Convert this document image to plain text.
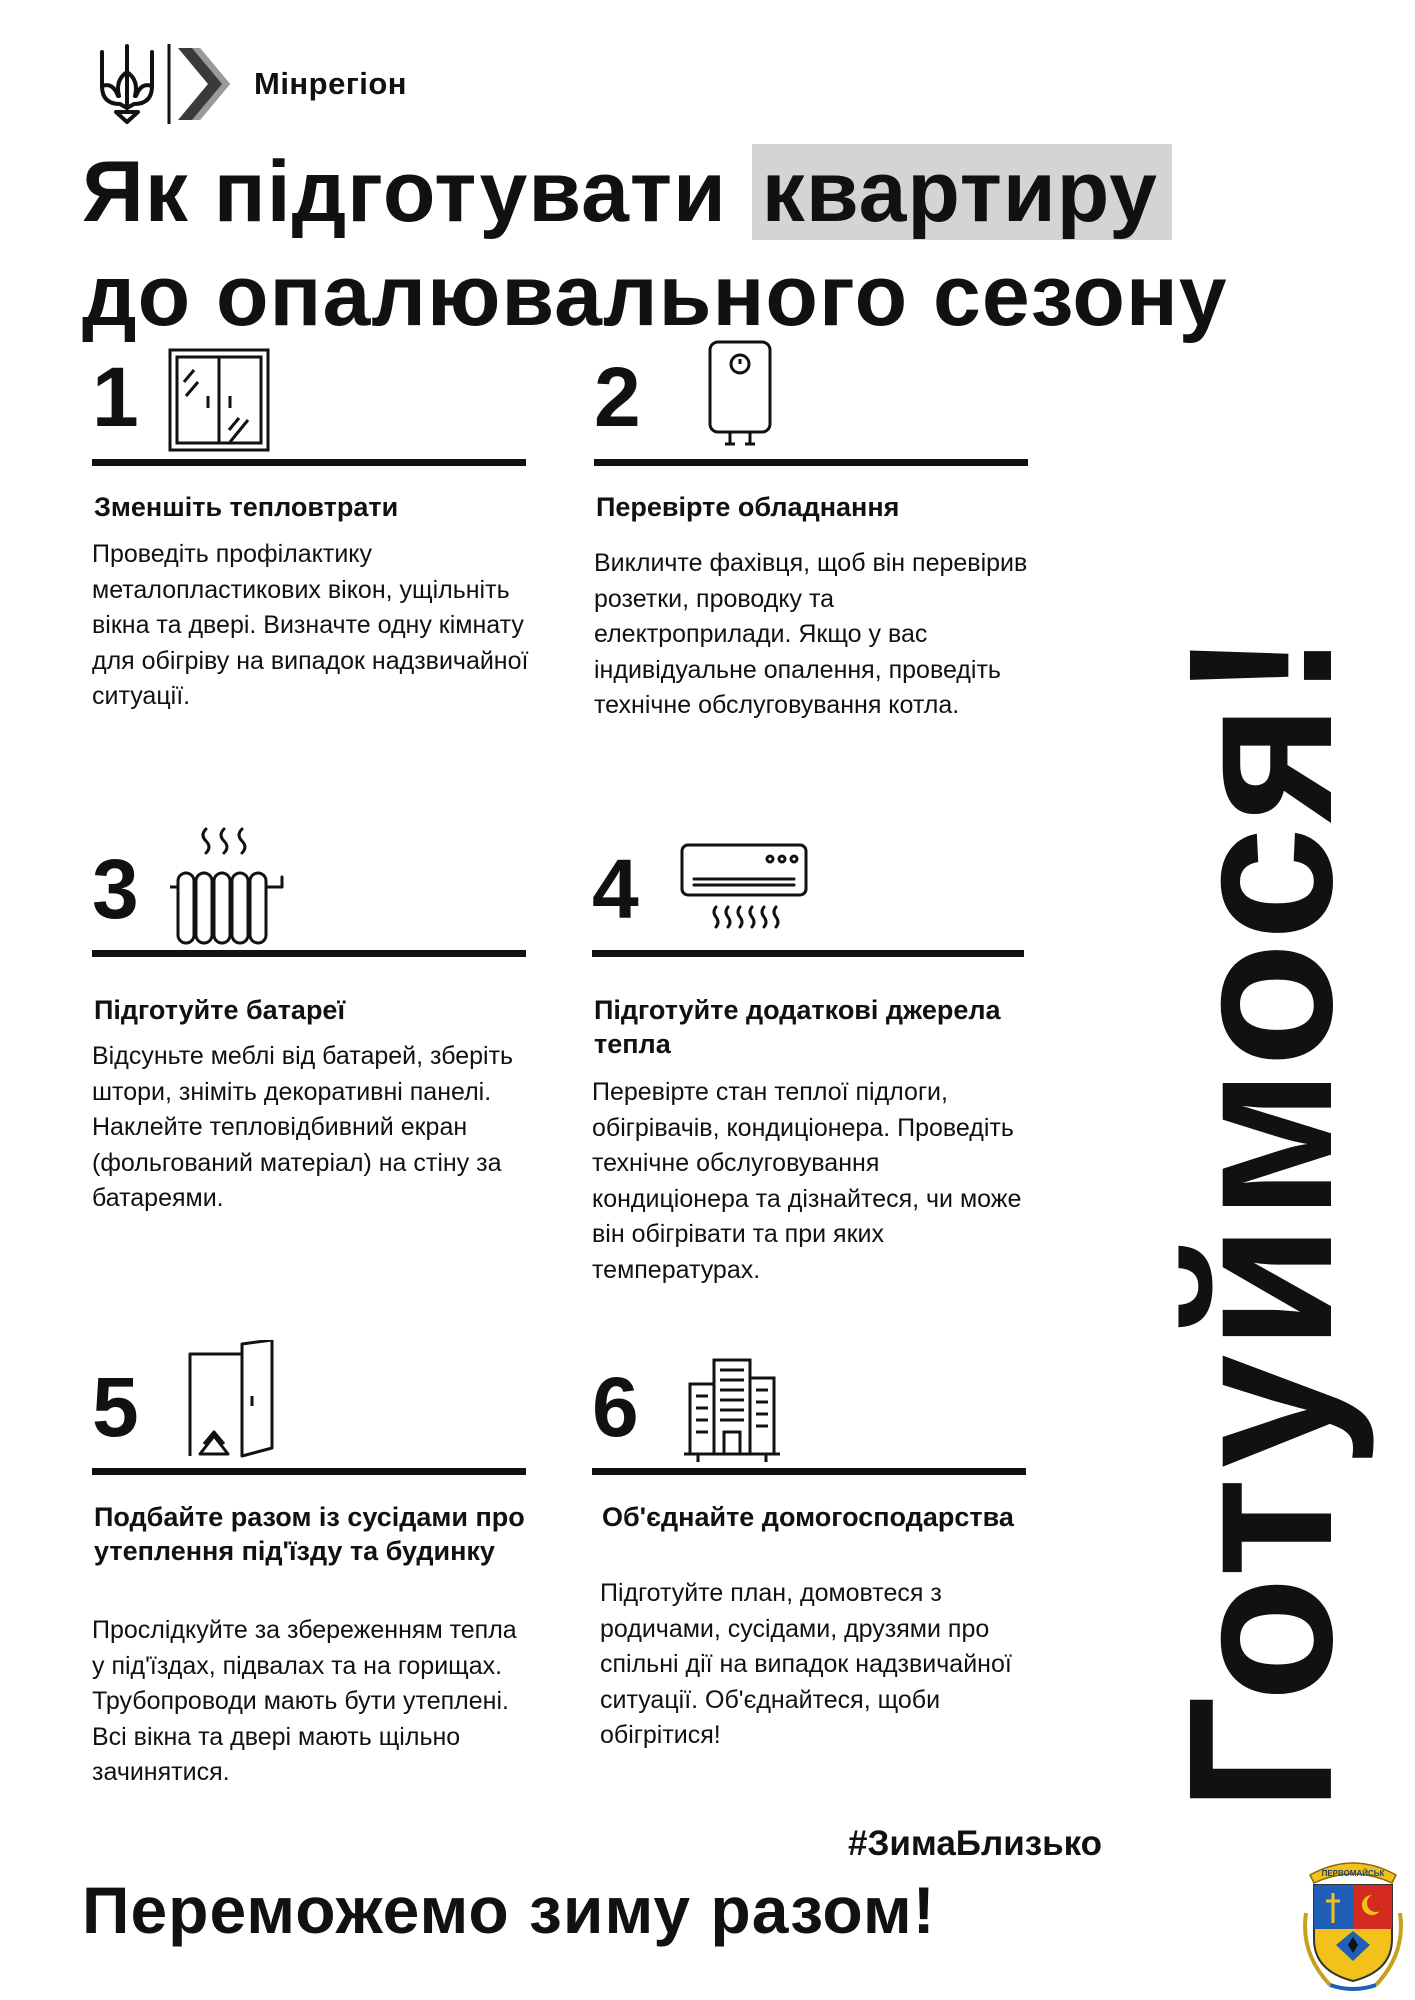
Мінрегіон
Як підготувати квартиру
до опалювального сезону
1
Зменшіть тепловтрати
Проведіть профілактику металопластикових вікон, ущільніть вікна та двері. Визначте одну кімнату для обігріву на випадок надзвичайної ситуації.
2
Перевірте обладнання
Викличте фахівця, щоб він перевірив розетки, проводку та електроприлади. Якщо у вас індивідуальне опалення, проведіть технічне обслуговування котла.
3
Підготуйте батареї
Відсуньте меблі від батарей, зберіть штори, зніміть декоративні панелі. Наклейте тепловідбивний екран (фольгований матеріал) на стіну за батареями.
4
Підготуйте додаткові джерела тепла
Перевірте стан теплої підлоги, обігрівачів, кондиціонера. Проведіть технічне обслуговування кондиціонера та дізнайтеся, чи може він обігрівати та при яких температурах.
5
Подбайте разом із сусідами про утеплення під'їзду та будинку
Прослідкуйте за збереженням тепла у під'їздах, підвалах та на горищах. Трубопроводи мають бути утеплені. Всі вікна та двері мають щільно зачинятися.
6
Об'єднайте домогосподарства
Підготуйте план, домовтеся з родичами, сусідами, друзями про спільні дії на випадок надзвичайної ситуації. Об'єднайтеся, щоби обігрітися!	Готуймося!
#ЗимаБлизько
Переможемо зиму разом!	ПЕРВОМАЙСЬК
